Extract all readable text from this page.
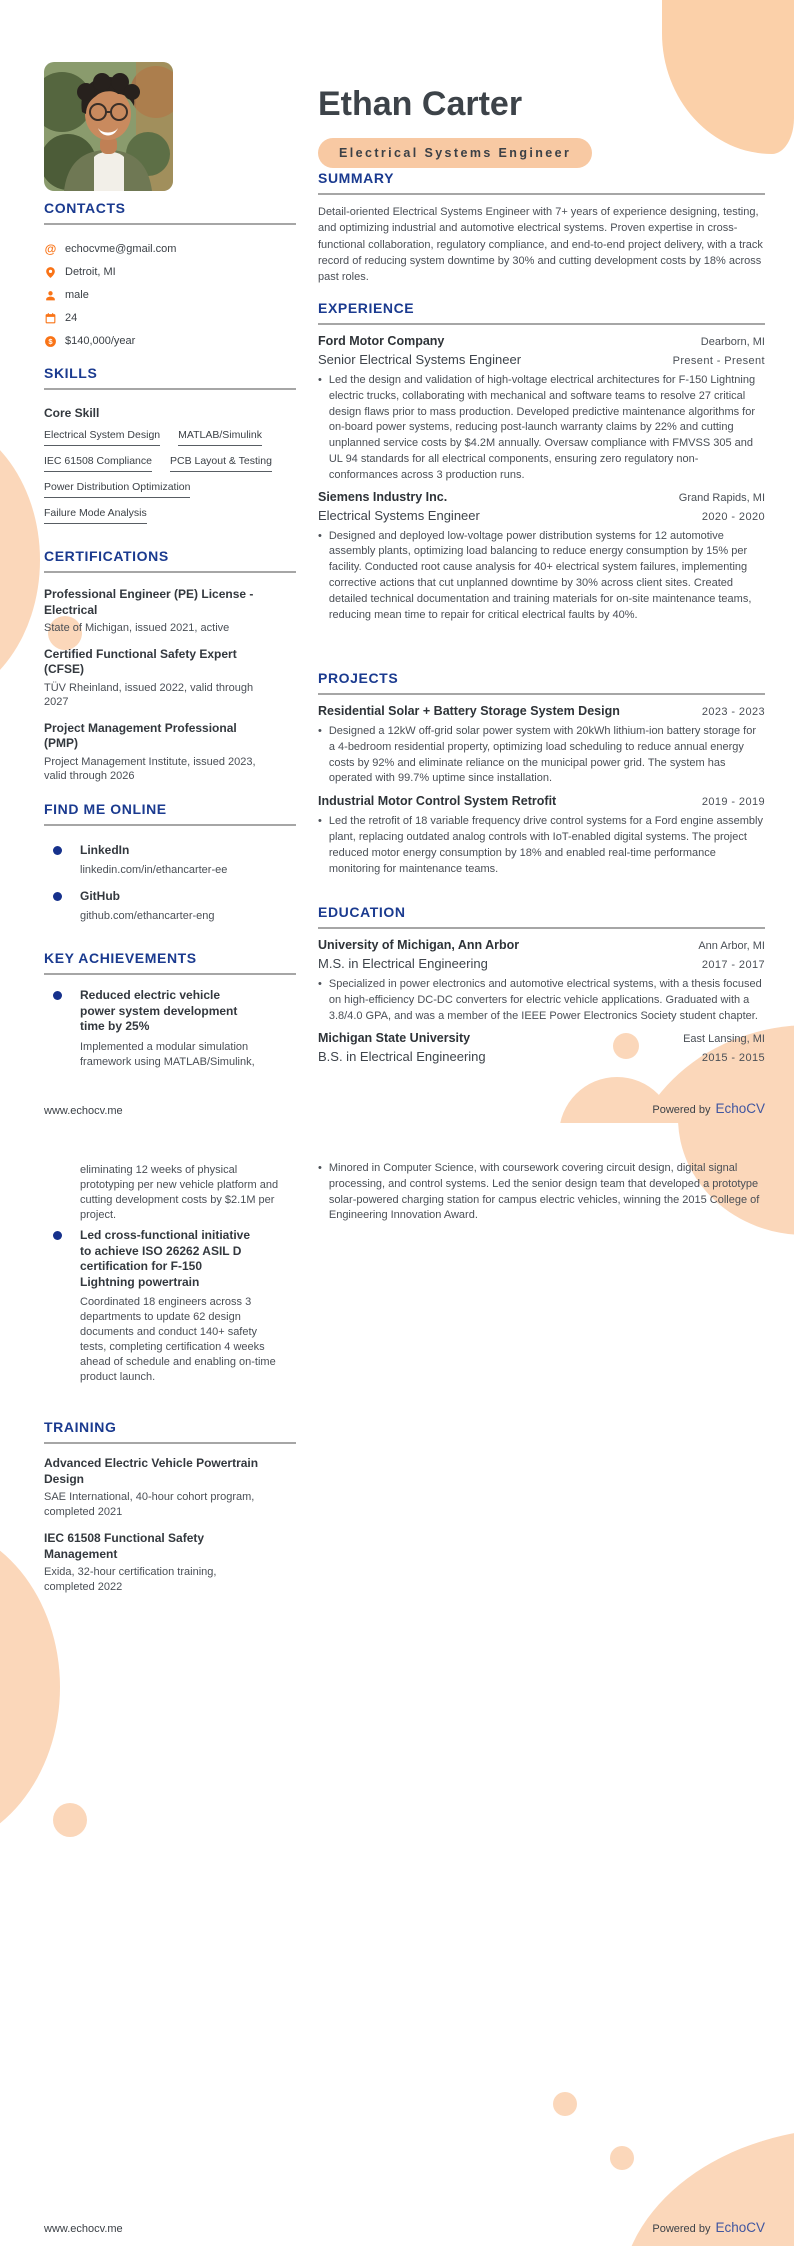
Ethan Carter
Electrical Systems Engineer
CONTACTS
@ echocvme@gmail.com
Detroit, MI
male
24
$ $140,000/year
SKILLS
Core Skill
Electrical System Design MATLAB/Simulink
IEC 61508 Compliance PCB Layout & Testing
Power Distribution Optimization
Failure Mode Analysis
CERTIFICATIONS
Professional Engineer (PE) License - Electrical
State of Michigan, issued 2021, active
Certified Functional Safety Expert (CFSE)
TÜV Rheinland, issued 2022, valid through 2027
Project Management Professional (PMP)
Project Management Institute, issued 2023, valid through 2026
FIND ME ONLINE
LinkedIn
linkedin.com/in/ethancarter-ee
GitHub
github.com/ethancarter-eng
KEY ACHIEVEMENTS
Reduced electric vehicle power system development time by 25%
Implemented a modular simulation framework using MATLAB/Simulink,
SUMMARY
Detail-oriented Electrical Systems Engineer with 7+ years of experience designing, testing, and optimizing industrial and automotive electrical systems. Proven expertise in cross-functional collaboration, regulatory compliance, and end-to-end project delivery, with a track record of reducing system downtime by 30% and cutting development costs by 18% across past roles.
EXPERIENCE
Ford Motor Company	Dearborn, MI
Senior Electrical Systems Engineer	Present - Present
• Led the design and validation of high-voltage electrical architectures for F-150 Lightning electric trucks, collaborating with mechanical and software teams to resolve 27 critical design flaws prior to mass production. Developed predictive maintenance algorithms for on-board power systems, reducing post-launch warranty claims by 22% and cutting unplanned service costs by $4.2M annually. Oversaw compliance with FMVSS 305 and UL 94 standards for all electrical components, ensuring zero regulatory non-conformances across 3 production runs.
Siemens Industry Inc.	Grand Rapids, MI
Electrical Systems Engineer	2020 - 2020
• Designed and deployed low-voltage power distribution systems for 12 automotive assembly plants, optimizing load balancing to reduce energy consumption by 15% per facility. Conducted root cause analysis for 40+ electrical system failures, implementing corrective actions that cut unplanned downtime by 30% across client sites. Created detailed technical documentation and training materials for on-site maintenance teams, reducing mean time to repair for critical electrical faults by 40%.
PROJECTS
Residential Solar + Battery Storage System Design	2023 - 2023
• Designed a 12kW off-grid solar power system with 20kWh lithium-ion battery storage for a 4-bedroom residential property, optimizing load scheduling to reduce annual energy costs by 92% and eliminate reliance on the municipal power grid. The system has operated with 99.7% uptime since installation.
Industrial Motor Control System Retrofit	2019 - 2019
• Led the retrofit of 18 variable frequency drive control systems for a Ford engine assembly plant, replacing outdated analog controls with IoT-enabled digital systems. The project reduced motor energy consumption by 18% and enabled real-time performance monitoring for maintenance teams.
EDUCATION
University of Michigan, Ann Arbor	Ann Arbor, MI
M.S. in Electrical Engineering	2017 - 2017
• Specialized in power electronics and automotive electrical systems, with a thesis focused on high-efficiency DC-DC converters for electric vehicle applications. Graduated with a 3.8/4.0 GPA, and was a member of the IEEE Power Electronics Society student chapter.
Michigan State University	East Lansing, MI
B.S. in Electrical Engineering	2015 - 2015
www.echocv.me	Powered by EchoCV
eliminating 12 weeks of physical prototyping per new vehicle platform and cutting development costs by $2.1M per project.
Led cross-functional initiative to achieve ISO 26262 ASIL D certification for F-150 Lightning powertrain
Coordinated 18 engineers across 3 departments to update 62 design documents and conduct 140+ safety tests, completing certification 4 weeks ahead of schedule and enabling on-time product launch.
TRAINING
Advanced Electric Vehicle Powertrain Design
SAE International, 40-hour cohort program, completed 2021
IEC 61508 Functional Safety Management
Exida, 32-hour certification training, completed 2022
• Minored in Computer Science, with coursework covering circuit design, digital signal processing, and control systems. Led the senior design team that developed a prototype solar-powered charging station for campus electric vehicles, winning the 2015 College of Engineering Innovation Award.
www.echocv.me	Powered by EchoCV
